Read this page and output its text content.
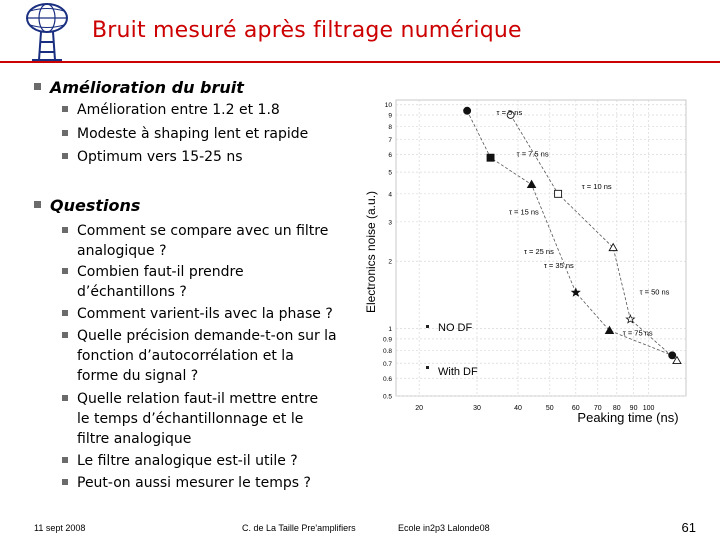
Bruit mesuré après filtrage numérique
Amélioration du bruit
Amélioration entre 1.2 et 1.8
Modeste à shaping lent et rapide
Optimum vers 15-25 ns
Questions
Comment se compare avec un filtre
analogique ?
Combien faut-il prendre
d’échantillons ?
Comment varient-ils avec la phase ?
Quelle précision demande-t-on sur la
fonction d’autocorrélation et la
forme du signal ?
Quelle relation faut-il mettre entre
le temps d’échantillonnage et le
filtre analogique
Le filtre analogique est-il utile ?
Peut-on aussi mesurer le temps ?
20	30	40	50	60 70 80 90 100
0.5
0.6
0.7
0.8
0.9
1
2
3
4
5
6
7
8
9
10
τ = 5 ns
τ = 7.5 ns
τ = 10 ns
τ = 15 ns
τ = 25 ns
τ = 35 ns
τ = 50 ns
τ = 75 ns
Electronics noise (a.u.)
Peaking time (ns)
NO DF
With DF
11 sept 2008	C. de La Taille Pre'amplifiers	Ecole in2p3 Lalonde08	61
